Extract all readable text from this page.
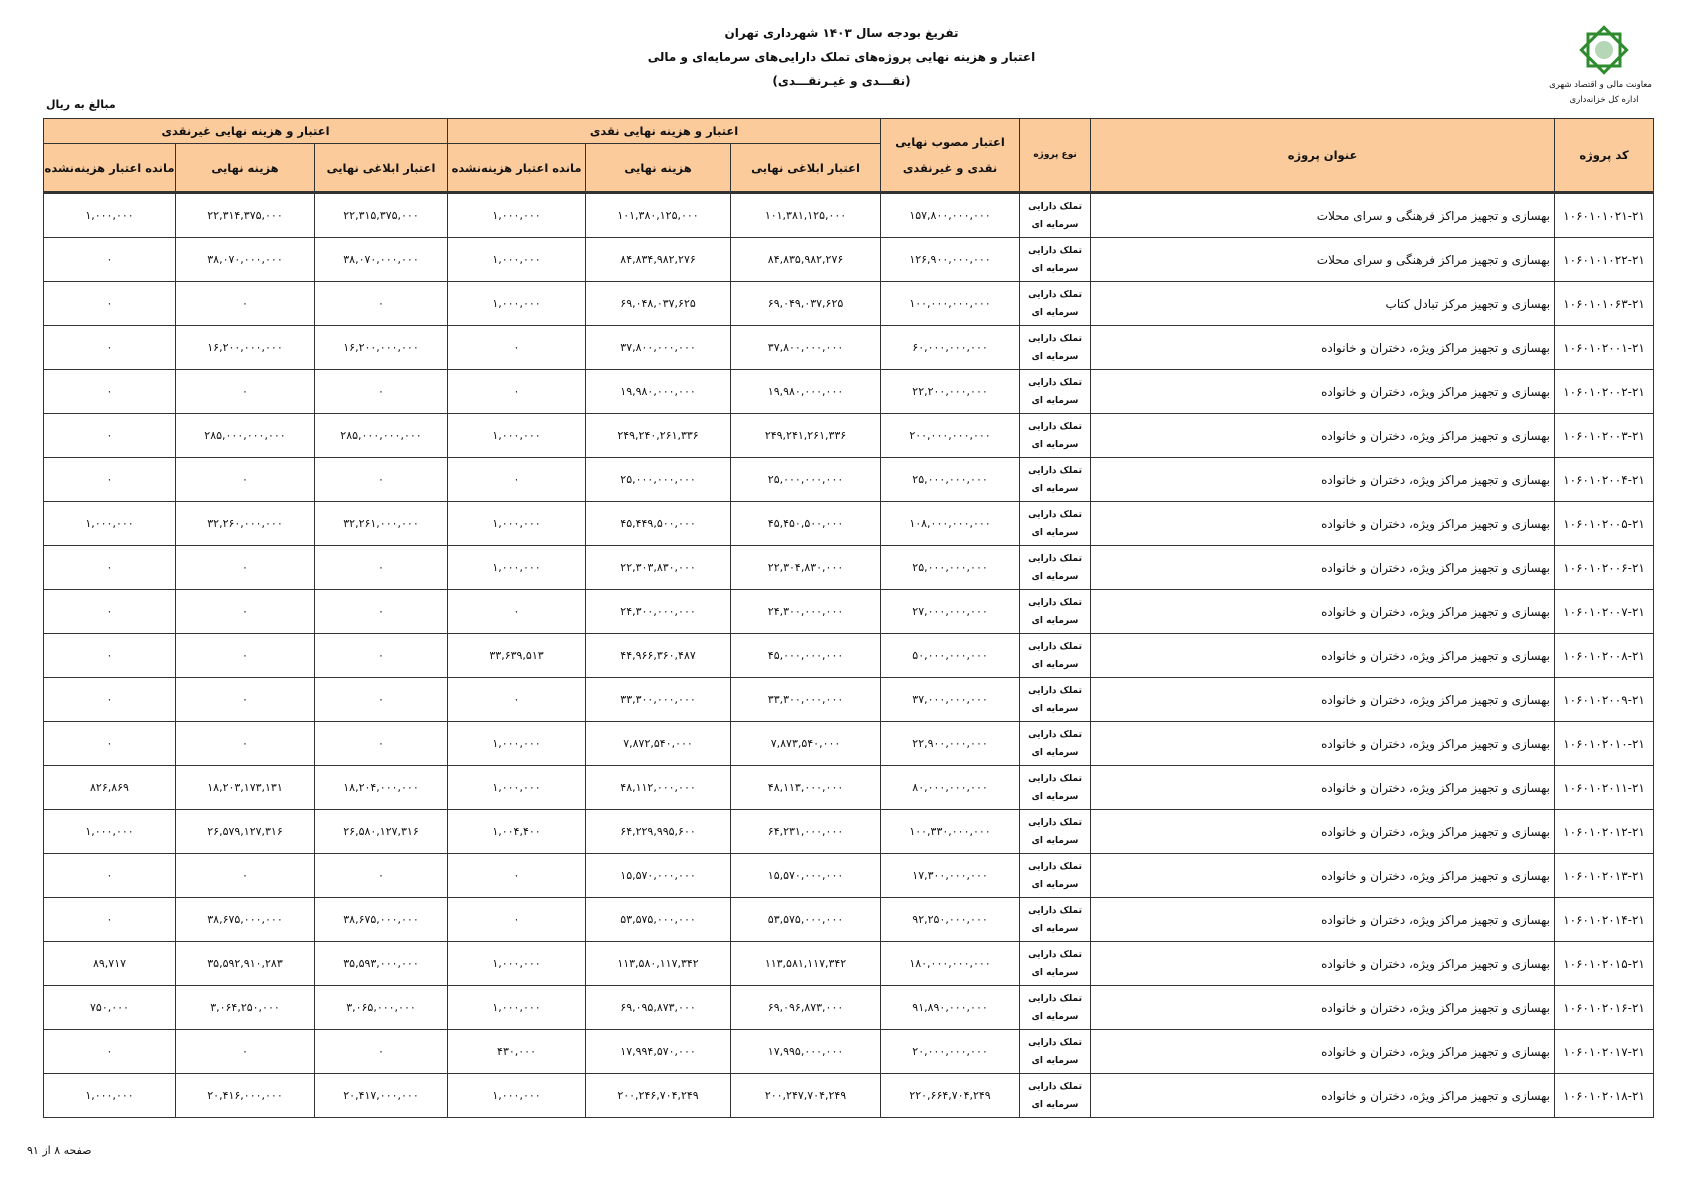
تفریغ بودجه سال ۱۴۰۳ شهرداری تهران
اعتبار و هزینه نهایی پروژه‌های تملک دارایی‌های سرمایه‌ای و مالی
(نقـــدی و غیـرنقـــدی)	معاونت مالی و اقتصاد شهری
اداره کل خزانه‌داری
مبالغ به ریال
کد پروژه	عنوان پروژه	نوع پروژه	اعتبار مصوب نهایی نقدی و غیرنقدی	اعتبار و هزینه نهایی نقدی			اعتبار و هزینه نهایی غیرنقدی		
				اعتبار ابلاغی نهایی	هزینه نهایی	مانده اعتبار هزینه‌نشده	اعتبار ابلاغی نهایی	هزینه نهایی	مانده اعتبار هزینه‌نشده
۱۰۶۰۱۰۱۰۲۱-۲۱	بهسازی و تجهیز مراکز فرهنگی و سرای محلات	تملک دارایی
سرمایه ای	۱۵۷,۸۰۰,۰۰۰,۰۰۰	۱۰۱,۳۸۱,۱۲۵,۰۰۰	۱۰۱,۳۸۰,۱۲۵,۰۰۰	۱,۰۰۰,۰۰۰	۲۲,۳۱۵,۳۷۵,۰۰۰	۲۲,۳۱۴,۳۷۵,۰۰۰	۱,۰۰۰,۰۰۰
۱۰۶۰۱۰۱۰۲۲-۲۱	بهسازی و تجهیز مراکز فرهنگی و سرای محلات	تملک دارایی
سرمایه ای	۱۲۶,۹۰۰,۰۰۰,۰۰۰	۸۴,۸۳۵,۹۸۲,۲۷۶	۸۴,۸۳۴,۹۸۲,۲۷۶	۱,۰۰۰,۰۰۰	۳۸,۰۷۰,۰۰۰,۰۰۰	۳۸,۰۷۰,۰۰۰,۰۰۰	۰
۱۰۶۰۱۰۱۰۶۳-۲۱	بهسازی و تجهیز مرکز تبادل کتاب	تملک دارایی
سرمایه ای	۱۰۰,۰۰۰,۰۰۰,۰۰۰	۶۹,۰۴۹,۰۳۷,۶۲۵	۶۹,۰۴۸,۰۳۷,۶۲۵	۱,۰۰۰,۰۰۰	۰	۰	۰
۱۰۶۰۱۰۲۰۰۱-۲۱	بهسازی و تجهیز مراکز ویژه، دختران و خانواده	تملک دارایی
سرمایه ای	۶۰,۰۰۰,۰۰۰,۰۰۰	۳۷,۸۰۰,۰۰۰,۰۰۰	۳۷,۸۰۰,۰۰۰,۰۰۰	۰	۱۶,۲۰۰,۰۰۰,۰۰۰	۱۶,۲۰۰,۰۰۰,۰۰۰	۰
۱۰۶۰۱۰۲۰۰۲-۲۱	بهسازی و تجهیز مراکز ویژه، دختران و خانواده	تملک دارایی
سرمایه ای	۲۲,۲۰۰,۰۰۰,۰۰۰	۱۹,۹۸۰,۰۰۰,۰۰۰	۱۹,۹۸۰,۰۰۰,۰۰۰	۰	۰	۰	۰
۱۰۶۰۱۰۲۰۰۳-۲۱	بهسازی و تجهیز مراکز ویژه، دختران و خانواده	تملک دارایی
سرمایه ای	۲۰۰,۰۰۰,۰۰۰,۰۰۰	۲۴۹,۲۴۱,۲۶۱,۳۳۶	۲۴۹,۲۴۰,۲۶۱,۳۳۶	۱,۰۰۰,۰۰۰	۲۸۵,۰۰۰,۰۰۰,۰۰۰	۲۸۵,۰۰۰,۰۰۰,۰۰۰	۰
۱۰۶۰۱۰۲۰۰۴-۲۱	بهسازی و تجهیز مراکز ویژه، دختران و خانواده	تملک دارایی
سرمایه ای	۲۵,۰۰۰,۰۰۰,۰۰۰	۲۵,۰۰۰,۰۰۰,۰۰۰	۲۵,۰۰۰,۰۰۰,۰۰۰	۰	۰	۰	۰
۱۰۶۰۱۰۲۰۰۵-۲۱	بهسازی و تجهیز مراکز ویژه، دختران و خانواده	تملک دارایی
سرمایه ای	۱۰۸,۰۰۰,۰۰۰,۰۰۰	۴۵,۴۵۰,۵۰۰,۰۰۰	۴۵,۴۴۹,۵۰۰,۰۰۰	۱,۰۰۰,۰۰۰	۳۲,۲۶۱,۰۰۰,۰۰۰	۳۲,۲۶۰,۰۰۰,۰۰۰	۱,۰۰۰,۰۰۰
۱۰۶۰۱۰۲۰۰۶-۲۱	بهسازی و تجهیز مراکز ویژه، دختران و خانواده	تملک دارایی
سرمایه ای	۲۵,۰۰۰,۰۰۰,۰۰۰	۲۲,۳۰۴,۸۳۰,۰۰۰	۲۲,۳۰۳,۸۳۰,۰۰۰	۱,۰۰۰,۰۰۰	۰	۰	۰
۱۰۶۰۱۰۲۰۰۷-۲۱	بهسازی و تجهیز مراکز ویژه، دختران و خانواده	تملک دارایی
سرمایه ای	۲۷,۰۰۰,۰۰۰,۰۰۰	۲۴,۳۰۰,۰۰۰,۰۰۰	۲۴,۳۰۰,۰۰۰,۰۰۰	۰	۰	۰	۰
۱۰۶۰۱۰۲۰۰۸-۲۱	بهسازی و تجهیز مراکز ویژه، دختران و خانواده	تملک دارایی
سرمایه ای	۵۰,۰۰۰,۰۰۰,۰۰۰	۴۵,۰۰۰,۰۰۰,۰۰۰	۴۴,۹۶۶,۳۶۰,۴۸۷	۳۳,۶۳۹,۵۱۳	۰	۰	۰
۱۰۶۰۱۰۲۰۰۹-۲۱	بهسازی و تجهیز مراکز ویژه، دختران و خانواده	تملک دارایی
سرمایه ای	۳۷,۰۰۰,۰۰۰,۰۰۰	۳۳,۳۰۰,۰۰۰,۰۰۰	۳۳,۳۰۰,۰۰۰,۰۰۰	۰	۰	۰	۰
۱۰۶۰۱۰۲۰۱۰-۲۱	بهسازی و تجهیز مراکز ویژه، دختران و خانواده	تملک دارایی
سرمایه ای	۲۲,۹۰۰,۰۰۰,۰۰۰	۷,۸۷۳,۵۴۰,۰۰۰	۷,۸۷۲,۵۴۰,۰۰۰	۱,۰۰۰,۰۰۰	۰	۰	۰
۱۰۶۰۱۰۲۰۱۱-۲۱	بهسازی و تجهیز مراکز ویژه، دختران و خانواده	تملک دارایی
سرمایه ای	۸۰,۰۰۰,۰۰۰,۰۰۰	۴۸,۱۱۳,۰۰۰,۰۰۰	۴۸,۱۱۲,۰۰۰,۰۰۰	۱,۰۰۰,۰۰۰	۱۸,۲۰۴,۰۰۰,۰۰۰	۱۸,۲۰۳,۱۷۳,۱۳۱	۸۲۶,۸۶۹
۱۰۶۰۱۰۲۰۱۲-۲۱	بهسازی و تجهیز مراکز ویژه، دختران و خانواده	تملک دارایی
سرمایه ای	۱۰۰,۳۳۰,۰۰۰,۰۰۰	۶۴,۲۳۱,۰۰۰,۰۰۰	۶۴,۲۲۹,۹۹۵,۶۰۰	۱,۰۰۴,۴۰۰	۲۶,۵۸۰,۱۲۷,۳۱۶	۲۶,۵۷۹,۱۲۷,۳۱۶	۱,۰۰۰,۰۰۰
۱۰۶۰۱۰۲۰۱۳-۲۱	بهسازی و تجهیز مراکز ویژه، دختران و خانواده	تملک دارایی
سرمایه ای	۱۷,۳۰۰,۰۰۰,۰۰۰	۱۵,۵۷۰,۰۰۰,۰۰۰	۱۵,۵۷۰,۰۰۰,۰۰۰	۰	۰	۰	۰
۱۰۶۰۱۰۲۰۱۴-۲۱	بهسازی و تجهیز مراکز ویژه، دختران و خانواده	تملک دارایی
سرمایه ای	۹۲,۲۵۰,۰۰۰,۰۰۰	۵۳,۵۷۵,۰۰۰,۰۰۰	۵۳,۵۷۵,۰۰۰,۰۰۰	۰	۳۸,۶۷۵,۰۰۰,۰۰۰	۳۸,۶۷۵,۰۰۰,۰۰۰	۰
۱۰۶۰۱۰۲۰۱۵-۲۱	بهسازی و تجهیز مراکز ویژه، دختران و خانواده	تملک دارایی
سرمایه ای	۱۸۰,۰۰۰,۰۰۰,۰۰۰	۱۱۳,۵۸۱,۱۱۷,۳۴۲	۱۱۳,۵۸۰,۱۱۷,۳۴۲	۱,۰۰۰,۰۰۰	۳۵,۵۹۳,۰۰۰,۰۰۰	۳۵,۵۹۲,۹۱۰,۲۸۳	۸۹,۷۱۷
۱۰۶۰۱۰۲۰۱۶-۲۱	بهسازی و تجهیز مراکز ویژه، دختران و خانواده	تملک دارایی
سرمایه ای	۹۱,۸۹۰,۰۰۰,۰۰۰	۶۹,۰۹۶,۸۷۳,۰۰۰	۶۹,۰۹۵,۸۷۳,۰۰۰	۱,۰۰۰,۰۰۰	۳,۰۶۵,۰۰۰,۰۰۰	۳,۰۶۴,۲۵۰,۰۰۰	۷۵۰,۰۰۰
۱۰۶۰۱۰۲۰۱۷-۲۱	بهسازی و تجهیز مراکز ویژه، دختران و خانواده	تملک دارایی
سرمایه ای	۲۰,۰۰۰,۰۰۰,۰۰۰	۱۷,۹۹۵,۰۰۰,۰۰۰	۱۷,۹۹۴,۵۷۰,۰۰۰	۴۳۰,۰۰۰	۰	۰	۰
۱۰۶۰۱۰۲۰۱۸-۲۱	بهسازی و تجهیز مراکز ویژه، دختران و خانواده	تملک دارایی
سرمایه ای	۲۲۰,۶۶۴,۷۰۴,۲۴۹	۲۰۰,۲۴۷,۷۰۴,۲۴۹	۲۰۰,۲۴۶,۷۰۴,۲۴۹	۱,۰۰۰,۰۰۰	۲۰,۴۱۷,۰۰۰,۰۰۰	۲۰,۴۱۶,۰۰۰,۰۰۰	۱,۰۰۰,۰۰۰
صفحه ۸ از ۹۱
